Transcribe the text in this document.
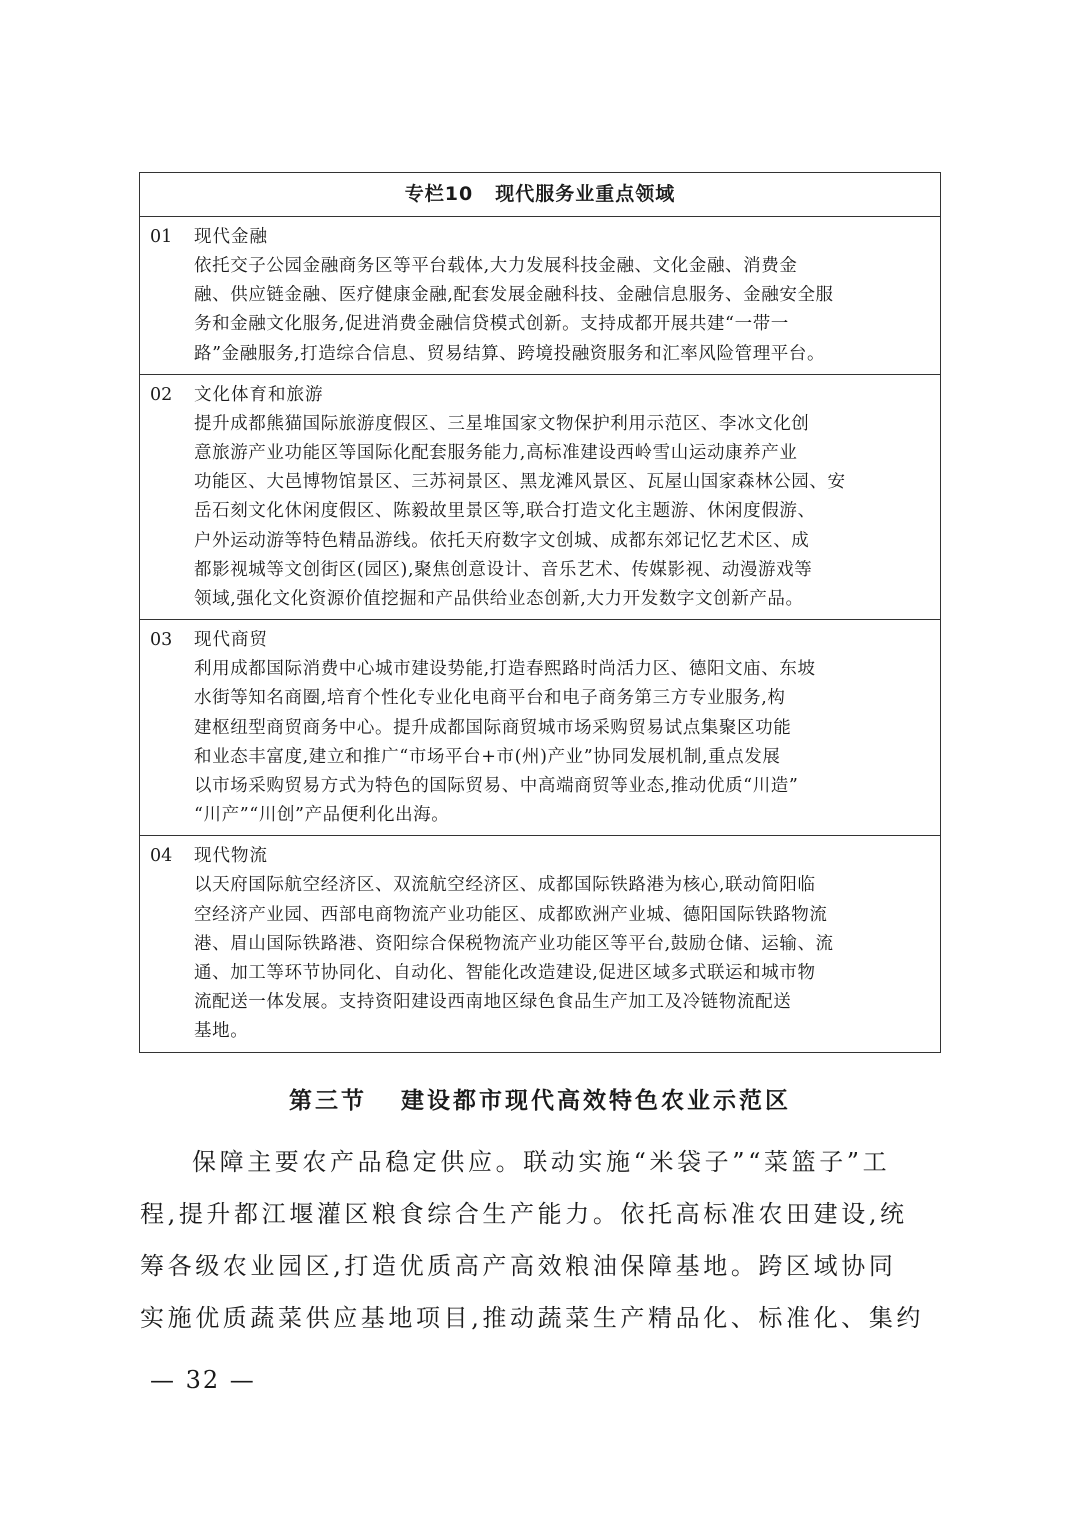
专栏10 现代服务业重点领域
01 现代金融
依托交子公园金融商务区等平台载体,大力发展科技金融、文化金融、消费金
融、供应链金融、医疗健康金融,配套发展金融科技、金融信息服务、金融安全服
务和金融文化服务,促进消费金融信贷模式创新。支持成都开展共建“一带一
路”金融服务,打造综合信息、贸易结算、跨境投融资服务和汇率风险管理平台。
02 文化体育和旅游
提升成都熊猫国际旅游度假区、三星堆国家文物保护利用示范区、李冰文化创
意旅游产业功能区等国际化配套服务能力,高标准建设西岭雪山运动康养产业
功能区、大邑博物馆景区、三苏祠景区、黑龙滩风景区、瓦屋山国家森林公园、安
岳石刻文化休闲度假区、陈毅故里景区等,联合打造文化主题游、休闲度假游、
户外运动游等特色精品游线。依托天府数字文创城、成都东郊记忆艺术区、成
都影视城等文创街区(园区),聚焦创意设计、音乐艺术、传媒影视、动漫游戏等
领域,强化文化资源价值挖掘和产品供给业态创新,大力开发数字文创新产品。
03 现代商贸
利用成都国际消费中心城市建设势能,打造春熙路时尚活力区、德阳文庙、东坡
水街等知名商圈,培育个性化专业化电商平台和电子商务第三方专业服务,构
建枢纽型商贸商务中心。提升成都国际商贸城市场采购贸易试点集聚区功能
和业态丰富度,建立和推广“市场平台+市(州)产业”协同发展机制,重点发展
以市场采购贸易方式为特色的国际贸易、中高端商贸等业态,推动优质“川造”
“川产”“川创”产品便利化出海。
04 现代物流
以天府国际航空经济区、双流航空经济区、成都国际铁路港为核心,联动简阳临
空经济产业园、西部电商物流产业功能区、成都欧洲产业城、德阳国际铁路物流
港、眉山国际铁路港、资阳综合保税物流产业功能区等平台,鼓励仓储、运输、流
通、加工等环节协同化、自动化、智能化改造建设,促进区域多式联运和城市物
流配送一体发展。支持资阳建设西南地区绿色食品生产加工及冷链物流配送
基地。
第三节 建设都市现代高效特色农业示范区
保障主要农产品稳定供应。联动实施“米袋子”“菜篮子”工
程,提升都江堰灌区粮食综合生产能力。依托高标准农田建设,统
筹各级农业园区,打造优质高产高效粮油保障基地。跨区域协同
实施优质蔬菜供应基地项目,推动蔬菜生产精品化、标准化、集约
— 32 —
